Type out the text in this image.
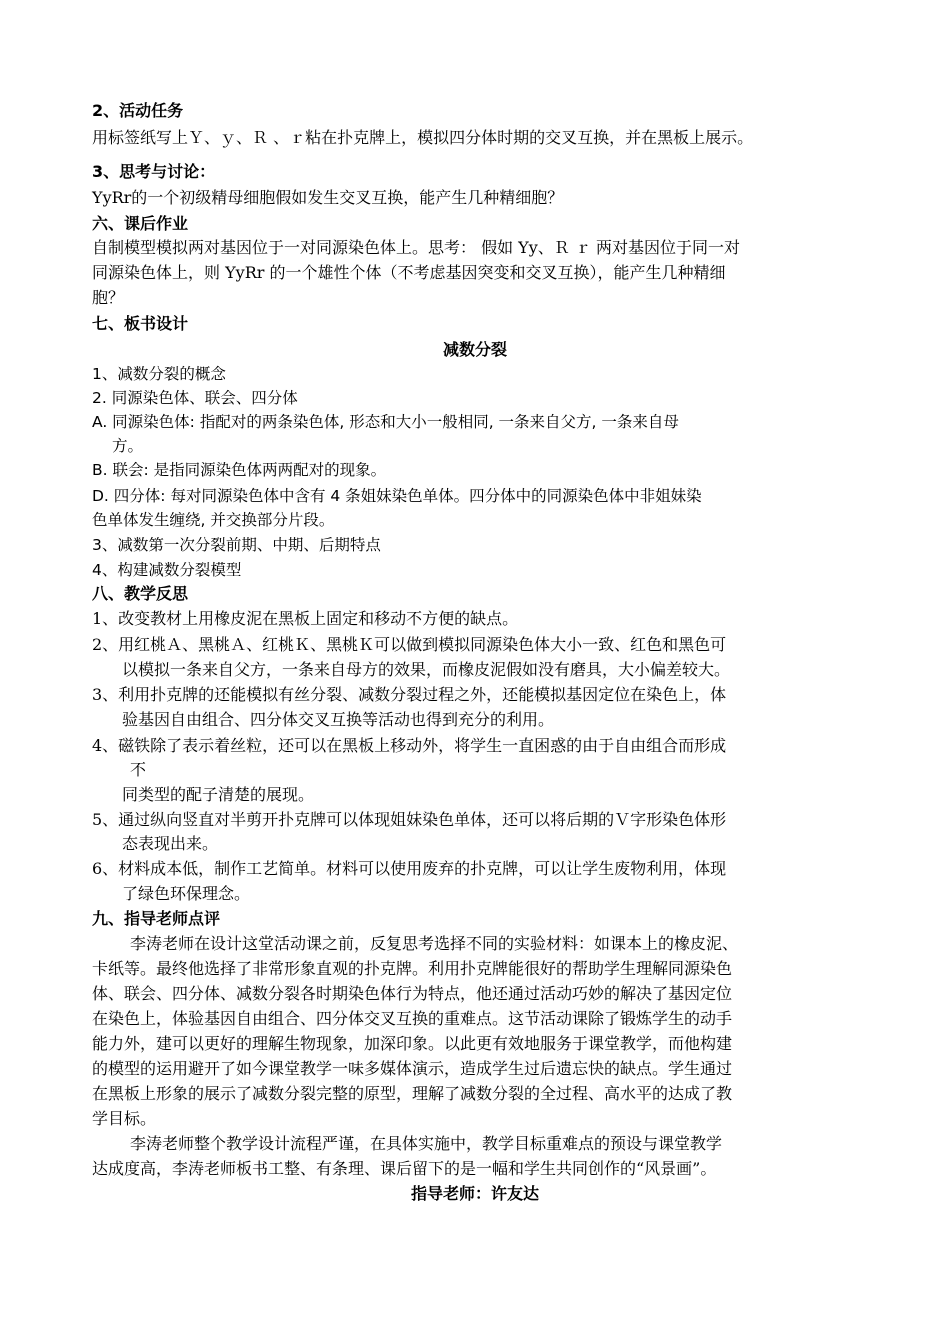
2、活动任务
用标签纸写上Ｙ、ｙ、Ｒ 、ｒ粘在扑克牌上，模拟四分体时期的交叉互换，并在黑板上展示。
3、思考与讨论：
YyRr的一个初级精母细胞假如发生交叉互换，能产生几种精细胞？
六、课后作业
自制模型模拟两对基因位于一对同源染色体上。思考： 假如 Yy、Ｒ ｒ 两对基因位于同一对
同源染色体上，则 YyRr 的一个雄性个体（不考虑基因突变和交叉互换），能产生几种精细
胞？
七、板书设计
减数分裂
1、减数分裂的概念
2. 同源染色体、联会、四分体
A. 同源染色体: 指配对的两条染色体, 形态和大小一般相同, 一条来自父方, 一条来自母
方。
B. 联会: 是指同源染色体两两配对的现象。
D. 四分体: 每对同源染色体中含有 4 条姐妹染色单体。四分体中的同源染色体中非姐妹染
色单体发生缠绕, 并交换部分片段。
3、减数第一次分裂前期、中期、后期特点
4、构建减数分裂模型
八、教学反思
1、改变教材上用橡皮泥在黑板上固定和移动不方便的缺点。
2、用红桃Ａ、黑桃Ａ、红桃Ｋ、黑桃Ｋ可以做到模拟同源染色体大小一致、红色和黑色可
以模拟一条来自父方，一条来自母方的效果，而橡皮泥假如没有磨具，大小偏差较大。
3、利用扑克牌的还能模拟有丝分裂、减数分裂过程之外，还能模拟基因定位在染色上，体
验基因自由组合、四分体交叉互换等活动也得到充分的利用。
4、磁铁除了表示着丝粒，还可以在黑板上移动外，将学生一直困惑的由于自由组合而形成
不
同类型的配子清楚的展现。
5、通过纵向竖直对半剪开扑克牌可以体现姐妹染色单体，还可以将后期的Ｖ字形染色体形
态表现出来。
6、材料成本低，制作工艺简单。材料可以使用废弃的扑克牌，可以让学生废物利用，体现
了绿色环保理念。
九、指导老师点评
李涛老师在设计这堂活动课之前，反复思考选择不同的实验材料：如课本上的橡皮泥、
卡纸等。最终他选择了非常形象直观的扑克牌。利用扑克牌能很好的帮助学生理解同源染色
体、联会、四分体、减数分裂各时期染色体行为特点，他还通过活动巧妙的解决了基因定位
在染色上，体验基因自由组合、四分体交叉互换的重难点。这节活动课除了锻炼学生的动手
能力外，建可以更好的理解生物现象，加深印象。以此更有效地服务于课堂教学，而他构建
的模型的运用避开了如今课堂教学一味多媒体演示，造成学生过后遗忘快的缺点。学生通过
在黑板上形象的展示了减数分裂完整的原型，理解了减数分裂的全过程、高水平的达成了教
学目标。
李涛老师整个教学设计流程严谨，在具体实施中，教学目标重难点的预设与课堂教学
达成度高，李涛老师板书工整、有条理、课后留下的是一幅和学生共同创作的“风景画”。
指导老师：许友达
